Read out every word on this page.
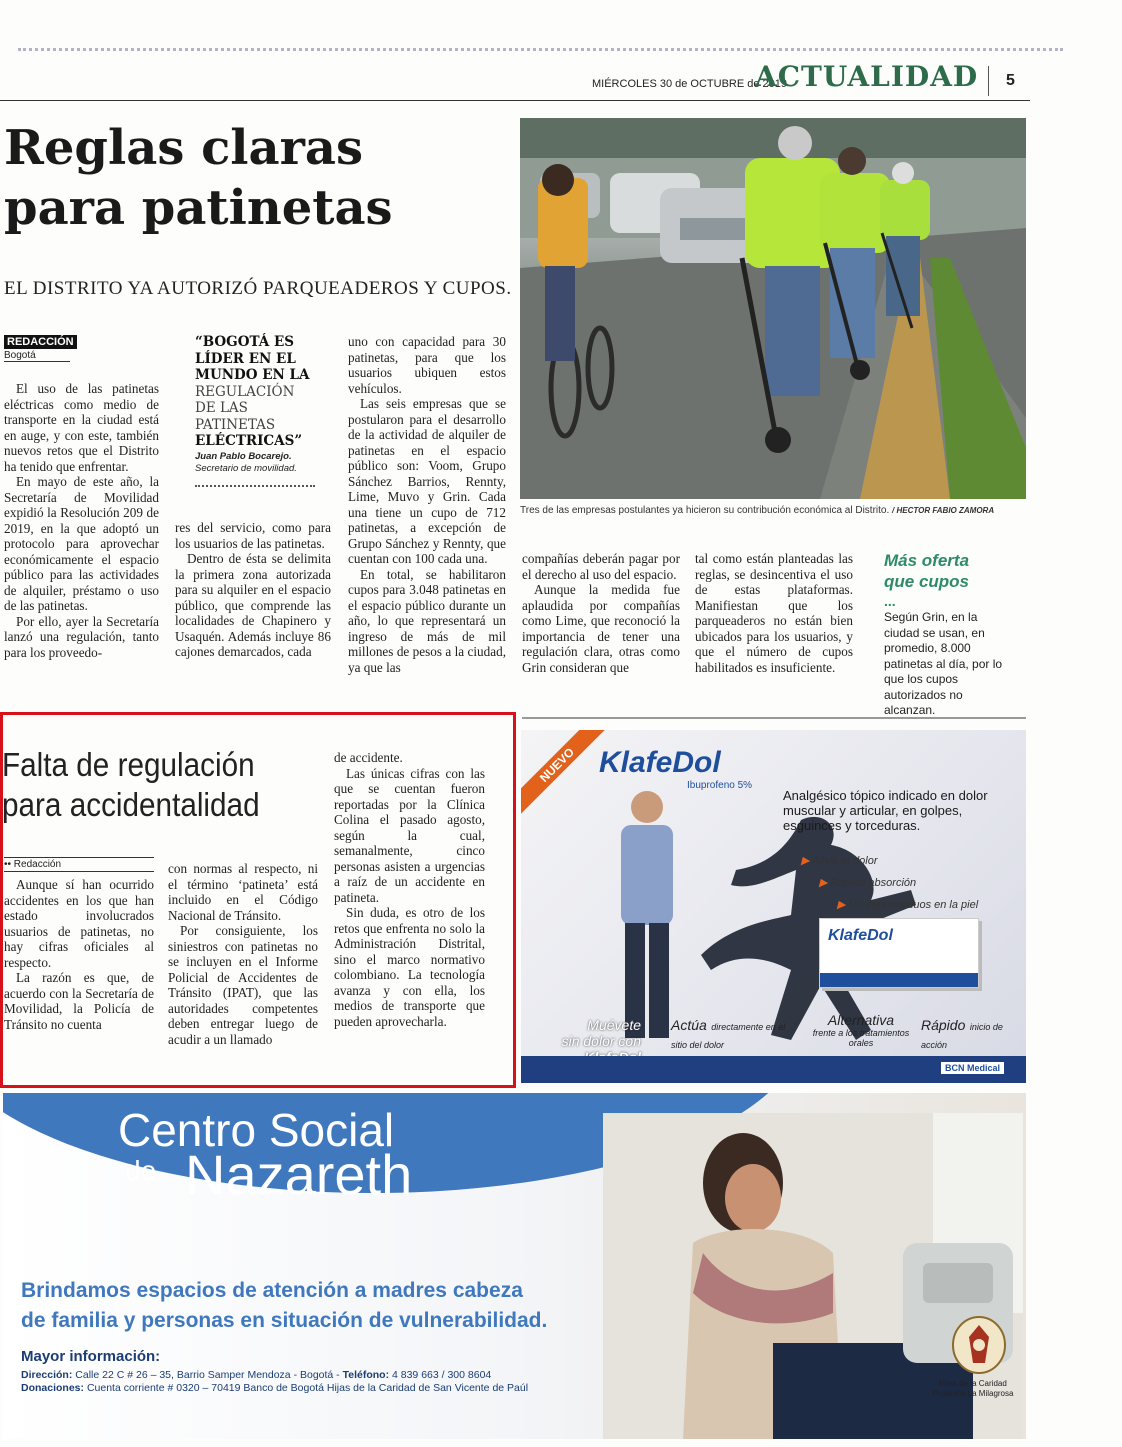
MIÉRCOLES 30 de OCTUBRE de 2019
ACTUALIDAD 5
Reglas claras
para patinetas
EL DISTRITO YA AUTORIZÓ PARQUEADEROS Y CUPOS.
REDACCIÓN
Bogotá

El uso de las patinetas eléctricas como medio de transporte en la ciudad está en auge, y con este, también nuevos retos que el Distrito ha tenido que enfrentar.

En mayo de este año, la Secretaría de Movilidad expidió la Resolución 209 de 2019, en la que adoptó un protocolo para aprovechar económicamente el espacio público para las actividades de alquiler, préstamo o uso de las patinetas.

Por ello, ayer la Secretaría lanzó una regulación, tanto para los proveedo-

“BOGOTÁ ES
LÍDER EN EL
MUNDO EN LA
REGULACIÓN
DE LAS
PATINETAS
ELÉCTRICAS”
Juan Pablo Bocarejo.
Secretario de movilidad.

res del servicio, como para los usuarios de las patinetas.

Dentro de ésta se delimita la primera zona autorizada para su alquiler en el espacio público, que comprende las localidades de Chapinero y Usaquén. Además incluye 86 cajones demarcados, cada

uno con capacidad para 30 patinetas, para que los usuarios ubiquen estos vehículos.

Las seis empresas que se postularon para el desarrollo de la actividad de alquiler de patinetas en el espacio público son: Voom, Grupo Sánchez Barrios, Rennty, Lime, Muvo y Grin. Cada una tiene un cupo de 712 patinetas, a excepción de Grupo Sánchez y Rennty, que cuentan con 100 cada una.

En total, se habilitaron cupos para 3.048 patinetas en el espacio público durante un año, lo que representará un ingreso de más de mil millones de pesos a la ciudad, ya que las

Tres de las empresas postulantes ya hicieron su contribución económica al Distrito. / HECTOR FABIO ZAMORA

compañías deberán pagar por el derecho al uso del espacio.

Aunque la medida fue aplaudida por compañías como Lime, que reconoció la importancia de tener una regulación clara, otras como Grin consideran que

tal como están planteadas las reglas, se desincentiva el uso de estas plataformas. Manifiestan que los parqueaderos no están bien ubicados para los usuarios, y que el número de cupos habilitados es insuficiente.

Más oferta
que cupos
...
Según Grin, en la ciudad se usan, en promedio, 8.000 patinetas al día, por lo que los cupos autorizados no alcanzan.
Falta de regulación
para accidentalidad
•• Redacción

Aunque sí han ocurrido accidentes en los que han estado involucrados usuarios de patinetas, no hay cifras oficiales al respecto.

La razón es que, de acuerdo con la Secretaría de Movilidad, la Policía de Tránsito no cuenta

con normas al respecto, ni el término ‘patineta’ está incluido en el Código Nacional de Tránsito.

Por consiguiente, los siniestros con patinetas no se incluyen en el Informe Policial de Accidentes de Tránsito (IPAT), que las autoridades competentes deben entregar luego de acudir a un llamado

de accidente.

Las únicas cifras con las que se cuentan fueron reportadas por la Clínica Colina el pasado agosto, según la cual, semanalmente, cinco personas asisten a urgencias a raíz de un accidente en patineta.

Sin duda, es otro de los retos que enfrenta no solo la Administración Distrital, sino el marco normativo colombiano. La tecnología avanza y con ella, los medios de transporte que pueden aprovecharla.

NUEVO KlafeDol
Ibuprofeno 5%
Analgésico tópico indicado en dolor muscular y articular, en golpes, esguinces y torceduras.
▶ Alivia el dolor
▶ Rápida absorción
▶ No deja residuos en la piel
KlafeDol
Muévete
sin dolor con
Actúa directamente en el sitio del dolor
Alternativa
frente a los tratamientos orales
Rápido inicio de acción
BCN Medical
Centro Social
de Nazareth
Brindamos espacios de atención a madres cabeza
de familia y personas en situación de vulnerabilidad.
Mayor información:
Dirección: Calle 22 C # 26 – 35, Barrio Samper Mendoza - Bogotá - Teléfono: 4 839 663 / 300 8604
Donaciones: Cuenta corriente # 0320 – 70419 Banco de Bogotá Hijas de la Caridad de San Vicente de Paúl	Hijas de la Caridad
Provincia La Milagrosa
